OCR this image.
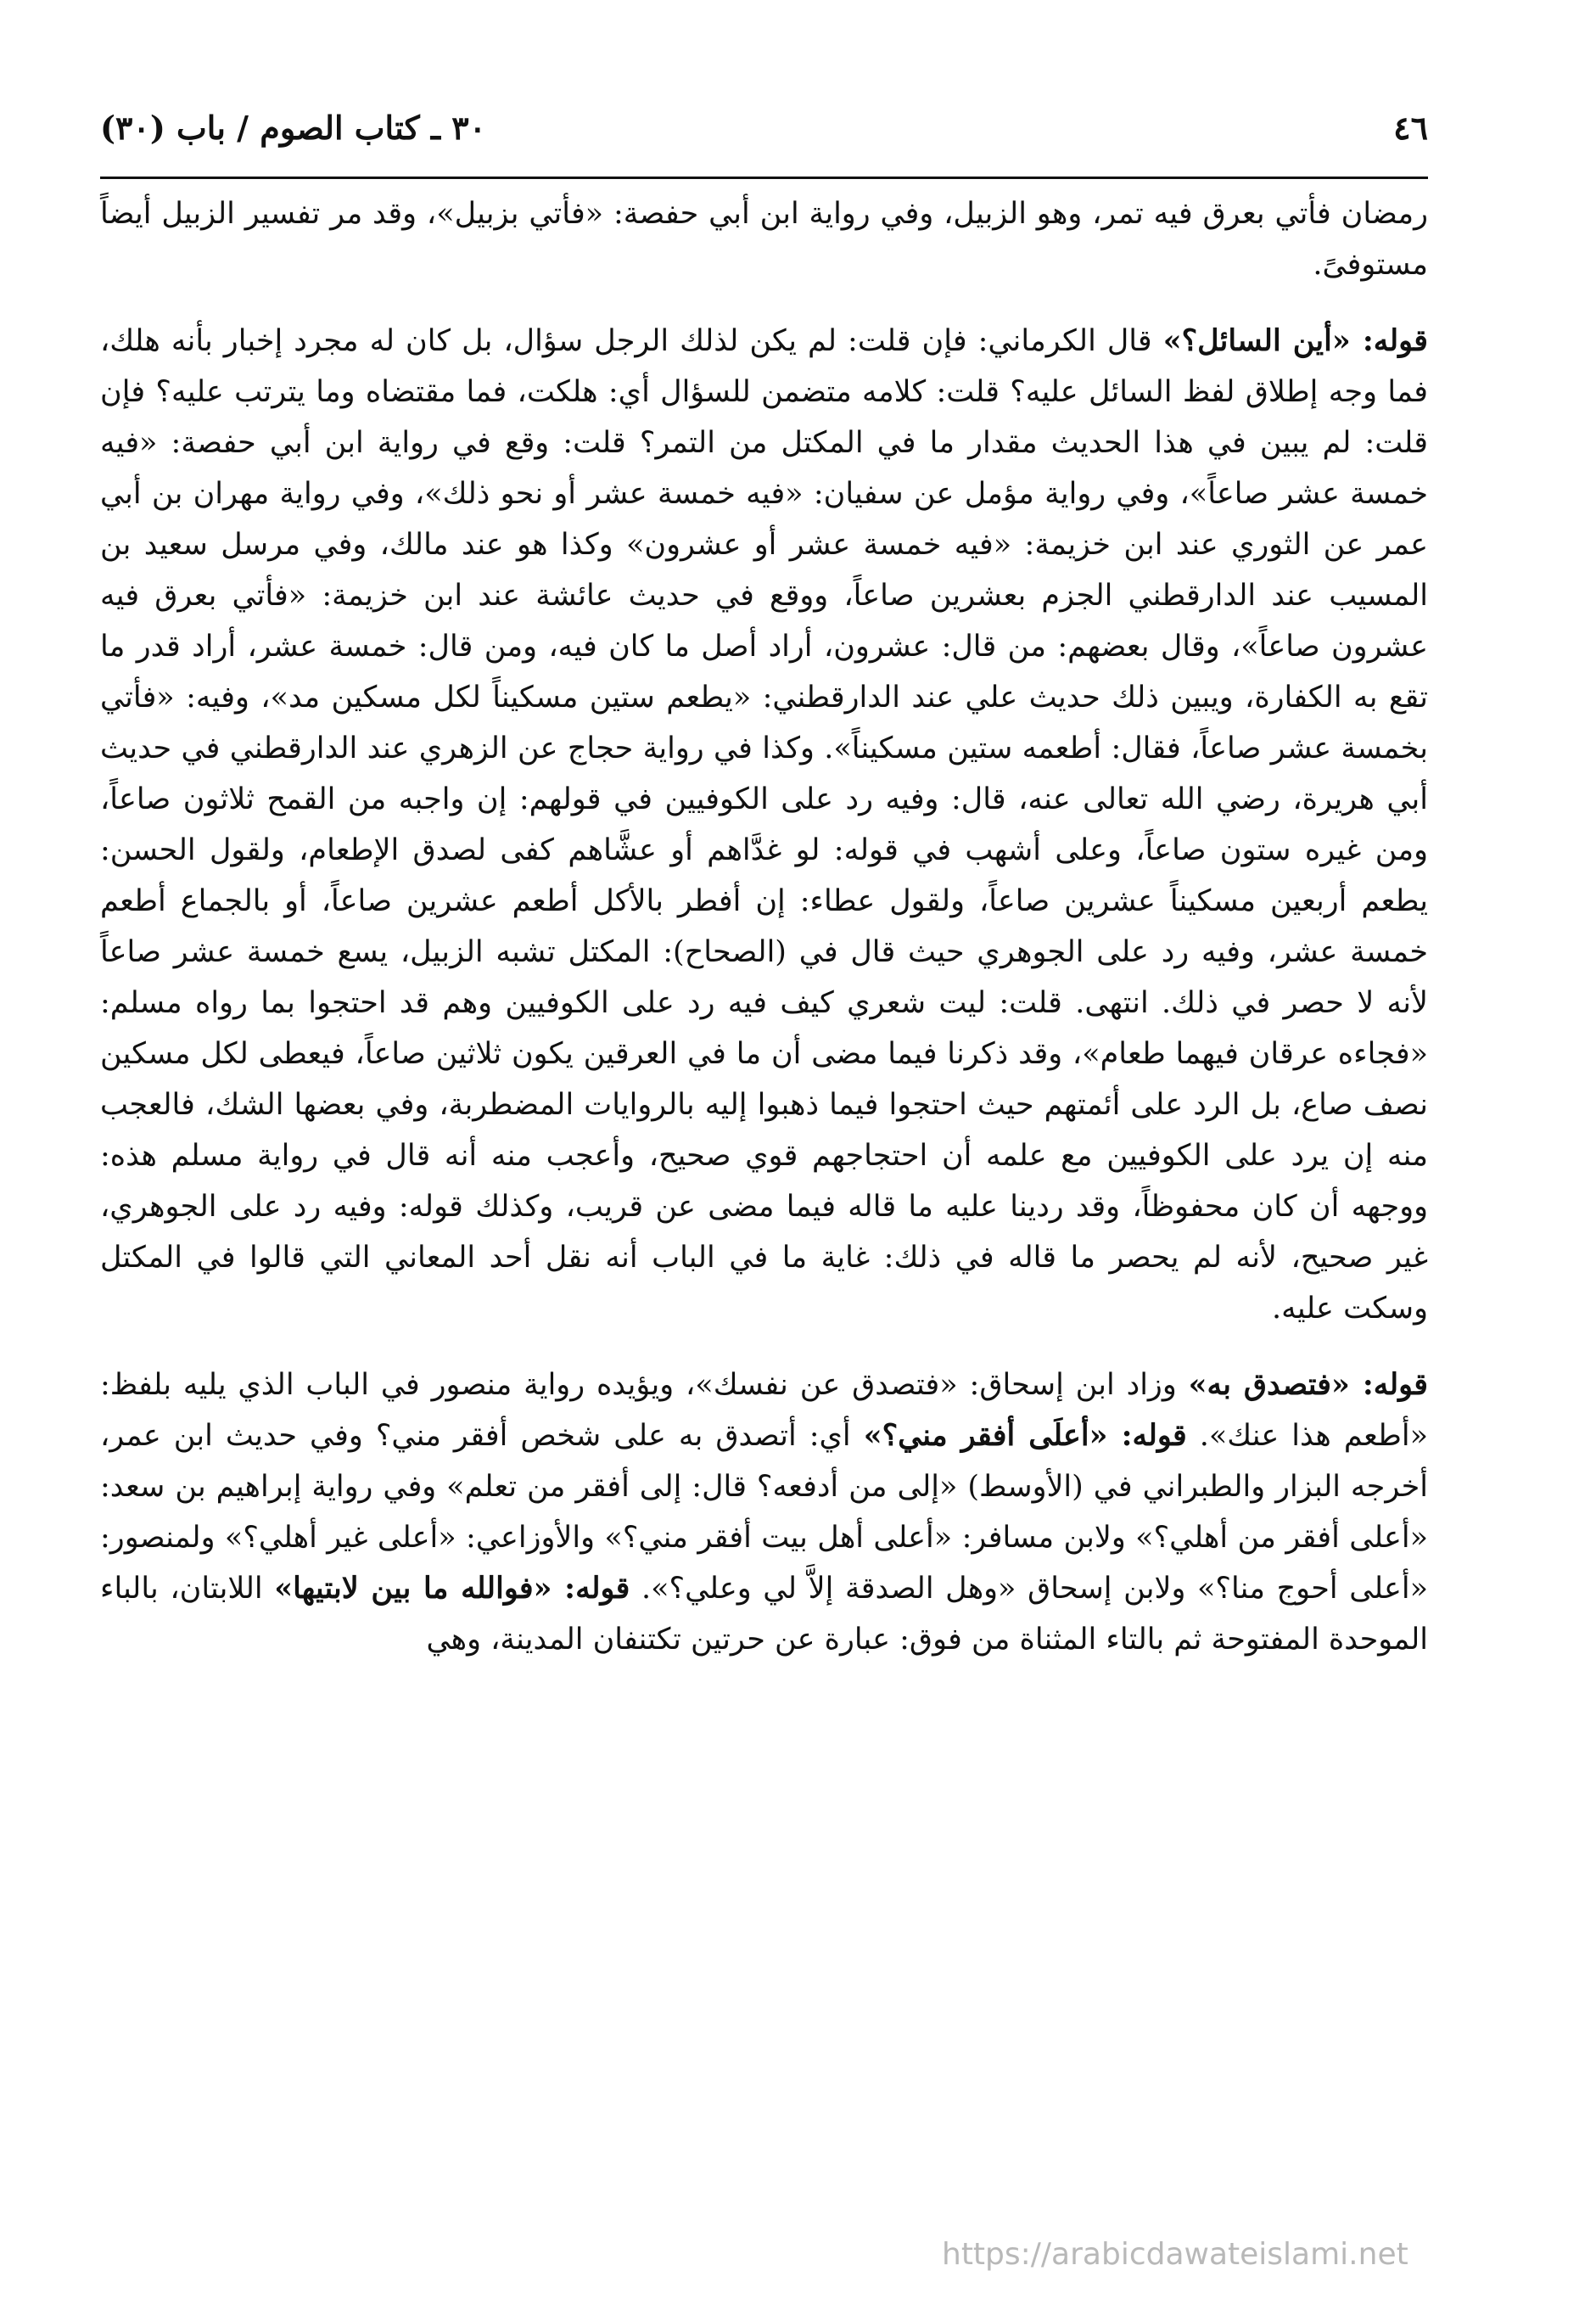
٤٦
٣٠ ـ كتاب الصوم / باب (٣٠)

رمضان فأتي بعرق فيه تمر، وهو الزبيل، وفي رواية ابن أبي حفصة: «فأتي بزبيل»، وقد مر تفسير الزبيل أيضاً مستوفىً.

قوله: «أين السائل؟» قال الكرماني: فإن قلت: لم يكن لذلك الرجل سؤال، بل كان له مجرد إخبار بأنه هلك، فما وجه إطلاق لفظ السائل عليه؟ قلت: كلامه متضمن للسؤال أي: هلكت، فما مقتضاه وما يترتب عليه؟ فإن قلت: لم يبين في هذا الحديث مقدار ما في المكتل من التمر؟ قلت: وقع في رواية ابن أبي حفصة: «فيه خمسة عشر صاعاً»، وفي رواية مؤمل عن سفيان: «فيه خمسة عشر أو نحو ذلك»، وفي رواية مهران بن أبي عمر عن الثوري عند ابن خزيمة: «فيه خمسة عشر أو عشرون» وكذا هو عند مالك، وفي مرسل سعيد بن المسيب عند الدارقطني الجزم بعشرين صاعاً، ووقع في حديث عائشة عند ابن خزيمة: «فأتي بعرق فيه عشرون صاعاً»، وقال بعضهم: من قال: عشرون، أراد أصل ما كان فيه، ومن قال: خمسة عشر، أراد قدر ما تقع به الكفارة، ويبين ذلك حديث علي عند الدارقطني: «يطعم ستين مسكيناً لكل مسكين مد»، وفيه: «فأتي بخمسة عشر صاعاً، فقال: أطعمه ستين مسكيناً». وكذا في رواية حجاج عن الزهري عند الدارقطني في حديث أبي هريرة، رضي الله تعالى عنه، قال: وفيه رد على الكوفيين في قولهم: إن واجبه من القمح ثلاثون صاعاً، ومن غيره ستون صاعاً، وعلى أشهب في قوله: لو غدَّاهم أو عشَّاهم كفى لصدق الإطعام، ولقول الحسن: يطعم أربعين مسكيناً عشرين صاعاً، ولقول عطاء: إن أفطر بالأكل أطعم عشرين صاعاً، أو بالجماع أطعم خمسة عشر، وفيه رد على الجوهري حيث قال في (الصحاح): المكتل تشبه الزبيل، يسع خمسة عشر صاعاً لأنه لا حصر في ذلك. انتهى. قلت: ليت شعري كيف فيه رد على الكوفيين وهم قد احتجوا بما رواه مسلم: «فجاءه عرقان فيهما طعام»، وقد ذكرنا فيما مضى أن ما في العرقين يكون ثلاثين صاعاً، فيعطى لكل مسكين نصف صاع، بل الرد على أئمتهم حيث احتجوا فيما ذهبوا إليه بالروايات المضطربة، وفي بعضها الشك، فالعجب منه إن يرد على الكوفيين مع علمه أن احتجاجهم قوي صحيح، وأعجب منه أنه قال في رواية مسلم هذه: ووجهه أن كان محفوظاً، وقد ردينا عليه ما قاله فيما مضى عن قريب، وكذلك قوله: وفيه رد على الجوهري، غير صحيح، لأنه لم يحصر ما قاله في ذلك: غاية ما في الباب أنه نقل أحد المعاني التي قالوا في المكتل وسكت عليه.

قوله: «فتصدق به» وزاد ابن إسحاق: «فتصدق عن نفسك»، ويؤيده رواية منصور في الباب الذي يليه بلفظ: «أطعم هذا عنك». قوله: «أعلَى أفقر مني؟» أي: أتصدق به على شخص أفقر مني؟ وفي حديث ابن عمر، أخرجه البزار والطبراني في (الأوسط) «إلى من أدفعه؟ قال: إلى أفقر من تعلم» وفي رواية إبراهيم بن سعد: «أعلى أفقر من أهلي؟» ولابن مسافر: «أعلى أهل بيت أفقر مني؟» والأوزاعي: «أعلى غير أهلي؟» ولمنصور: «أعلى أحوج منا؟» ولابن إسحاق «وهل الصدقة إلاَّ لي وعلي؟». قوله: «فوالله ما بين لابتيها» اللابتان، بالباء الموحدة المفتوحة ثم بالتاء المثناة من فوق: عبارة عن حرتين تكتنفان المدينة، وهي

https://arabicdawateislami.net
